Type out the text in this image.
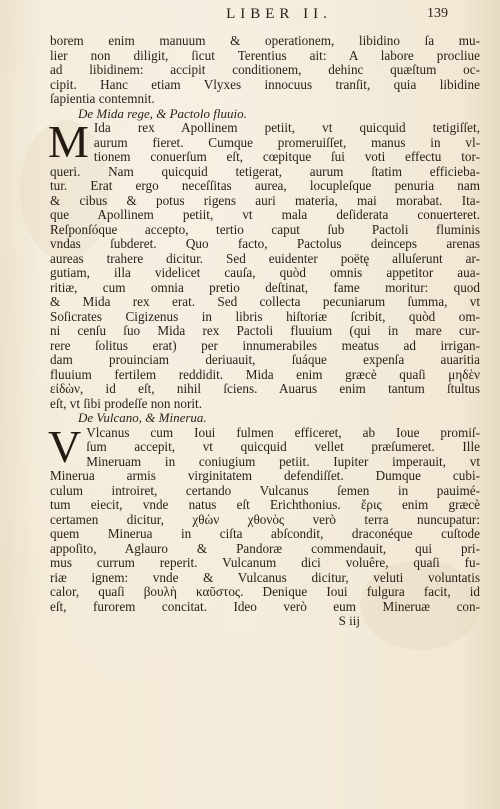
LIBER II.	139
borem enim manuum & operationem, libidino ſa mu-
lier non diligit, ſicut Terentius ait: A labore procliue
ad libidinem: accipit conditionem, dehinc quæſtum oc-
cipit. Hanc etiam Vlyxes innocuus tranſit, quia libidine
ſapientia contemnit.
De Mida rege, & Pactolo fluuio.
M Ida rex Apollinem petiit, vt quicquid tetigiſſet,
aurum fieret. Cumque promeruiſſet, manus in vl-
tionem conuerſum eſt, cœpitque ſui voti effectu tor-
queri. Nam quicquid tetigerat, aurum ſtatim efficieba-
tur. Erat ergo neceſſitas aurea, locupleſque penuria nam
& cibus & potus rigens auri materia, mai morabat. Ita-
que Apollinem petiit, vt mala deſiderata conuerteret.
Reſponſóque accepto, tertio caput ſub Pactoli fluminis
vndas ſubderet. Quo facto, Pactolus deinceps arenas
aureas trahere dicitur. Sed euidenter poëtę alluſerunt ar-
gutiam, illa videlicet cauſa, quòd omnis appetitor aua-
ritiæ, cum omnia pretio deſtinat, fame moritur: quod
& Mida rex erat. Sed collecta pecuniarum ſumma, vt
Soſicrates Cigizenus in libris hiſtoriæ ſcribit, quòd om-
ni cenſu ſuo Mida rex Pactoli fluuium (qui in mare cur-
rere ſolitus erat) per innumerabiles meatus ad irrigan-
dam prouinciam deriuauit, ſuáque expenſa auaritia
fluuium fertilem reddidit. Mida enim græcè quaſi μηδὲν
εἰδὼν, id eſt, nihil ſciens. Auarus enim tantum ſtultus
eſt, vt ſibi prodeſſe non norit.
De Vulcano, & Minerua.
V Vlcanus cum Ioui fulmen efficeret, ab Ioue promiſ-
ſum accepit, vt quicquid vellet præſumeret. Ille
Mineruam in coniugium petiit. Iupiter imperauit, vt
Minerua armis virginitatem defendiſſet. Dumque cubi-
culum introiret, certando Vulcanus ſemen in pauimé-
tum eiecit, vnde natus eſt Erichthonius. ἔρις enim græcè
certamen dicitur, χθὼν χθονὸς verò terra nuncupatur:
quem Minerua in ciſta abſcondit, draconéque cuſtode
appoſito, Aglauro & Pandoræ commendauit, qui pri-
mus currum reperit. Vulcanum dici voluêre, quaſi fu-
riæ ignem: vnde & Vulcanus dicitur, veluti voluntatis
calor, quaſi βουλὴ καῦστος. Denique Ioui fulgura facit, id
eſt, furorem concitat. Ideo verò eum Mineruæ con-
S iij
